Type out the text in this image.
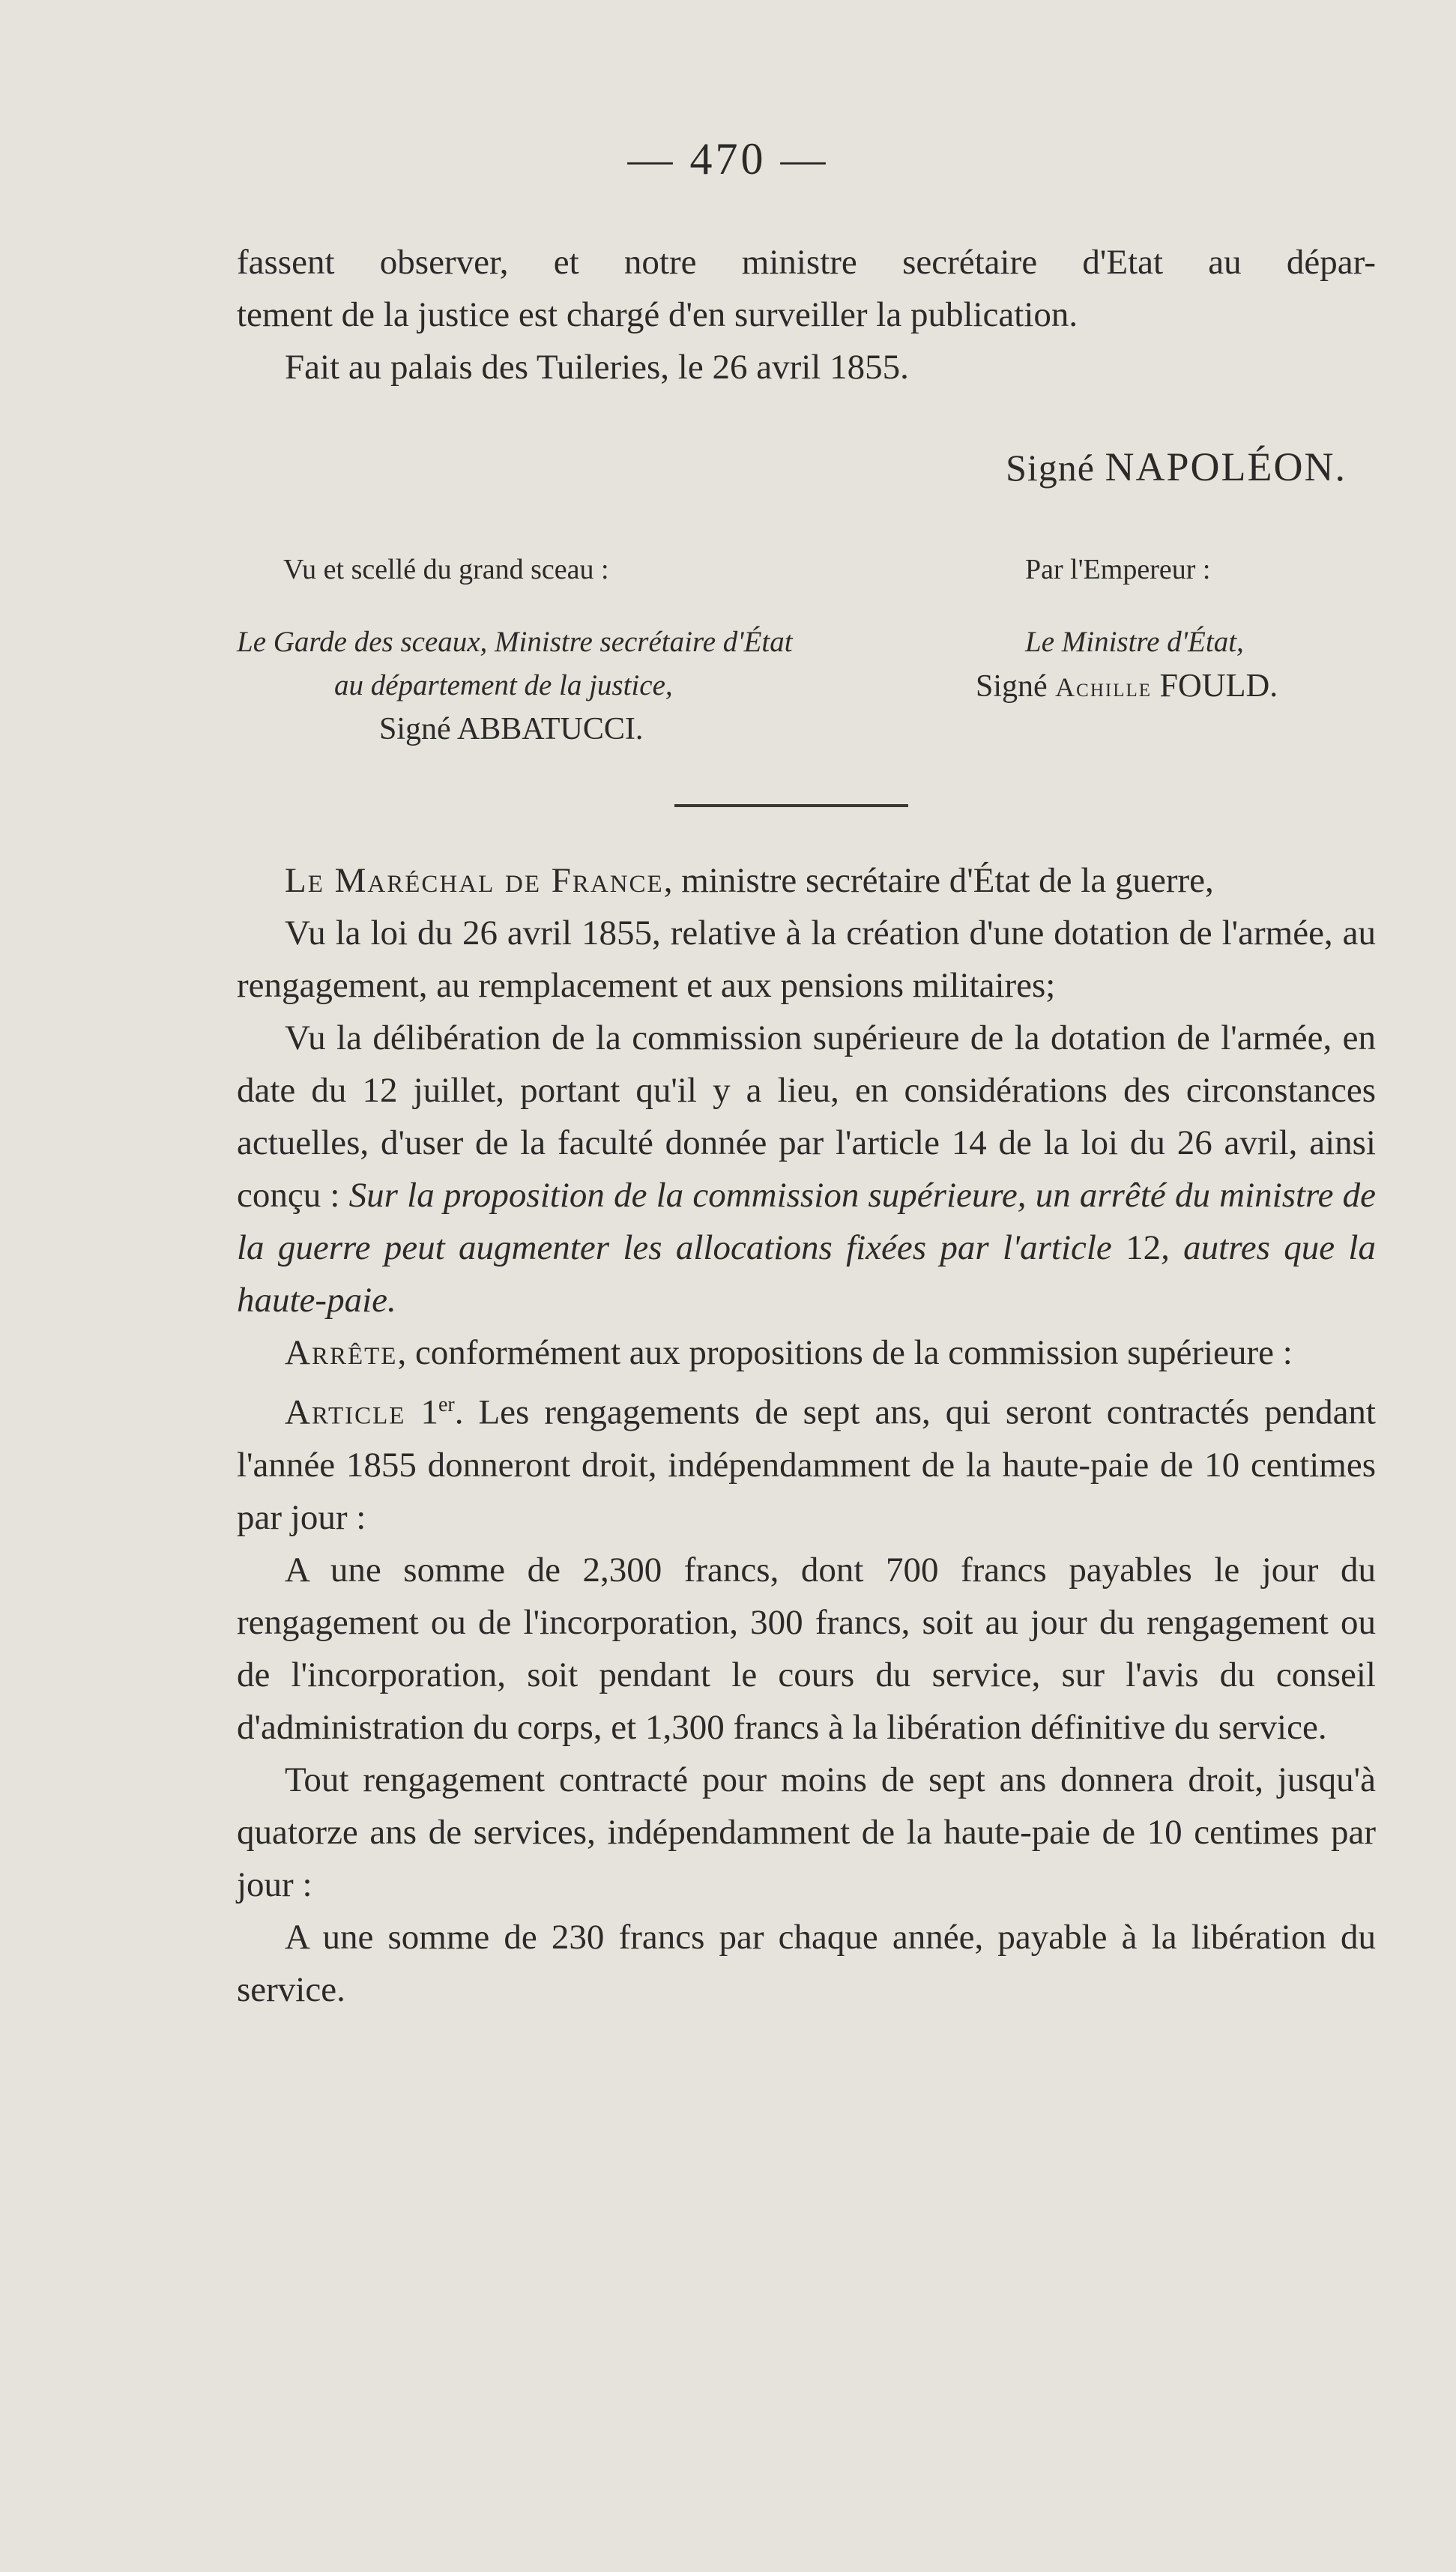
— 470 —

fassent observer, et notre ministre secrétaire d'Etat au dépar-

tement de la justice est chargé d'en surveiller la publication.

Fait au palais des Tuileries, le 26 avril 1855.

Signé NAPOLÉON.
Vu et scellé du grand sceau :
Le Garde des sceaux, Ministre secrétaire d'État
au département de la justice,
Signé ABBATUCCI.
Par l'Empereur :
Le Ministre d'État,
Signé Achille FOULD.

Le Maréchal de France, ministre secrétaire d'État de la guerre,

Vu la loi du 26 avril 1855, relative à la création d'une dotation de l'armée, au rengagement, au remplacement et aux pensions militaires;

Vu la délibération de la commission supérieure de la dotation de l'armée, en date du 12 juillet, portant qu'il y a lieu, en considérations des circonstances actuelles, d'user de la faculté donnée par l'article 14 de la loi du 26 avril, ainsi conçu : Sur la proposition de la commission supérieure, un arrêté du ministre de la guerre peut augmenter les allocations fixées par l'article 12, autres que la haute-paie.

Arrête, conformément aux propositions de la commission supérieure :

Article 1er. Les rengagements de sept ans, qui seront contractés pendant l'année 1855 donneront droit, indépendamment de la haute-paie de 10 centimes par jour :

A une somme de 2,300 francs, dont 700 francs payables le jour du rengagement ou de l'incorporation, 300 francs, soit au jour du rengagement ou de l'incorporation, soit pendant le cours du service, sur l'avis du conseil d'administration du corps, et 1,300 francs à la libération définitive du service.

Tout rengagement contracté pour moins de sept ans donnera droit, jusqu'à quatorze ans de services, indépendamment de la haute-paie de 10 centimes par jour :

A une somme de 230 francs par chaque année, payable à la libération du service.
